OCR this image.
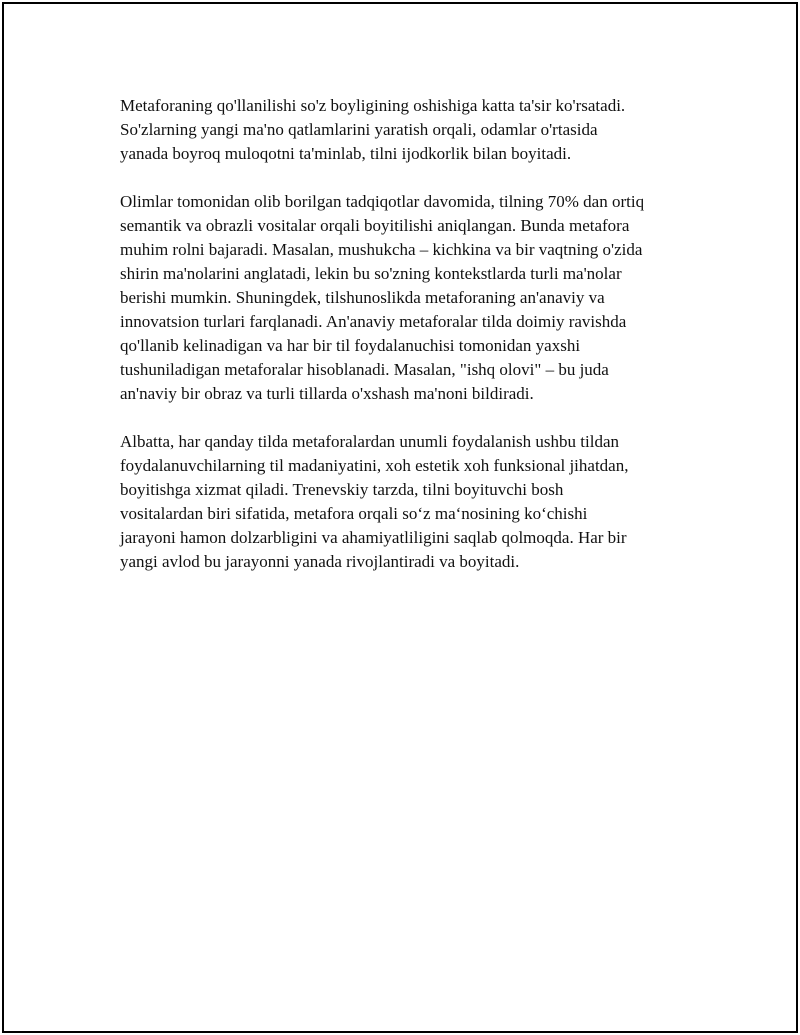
Metaforaning qo'llanilishi so'z boyligining oshishiga katta ta'sir ko'rsatadi.
So'zlarning yangi ma'no qatlamlarini yaratish orqali, odamlar o'rtasida
yanada boyroq muloqotni ta'minlab, tilni ijodkorlik bilan boyitadi.

Olimlar tomonidan olib borilgan tadqiqotlar davomida, tilning 70% dan ortiq
semantik va obrazli vositalar orqali boyitilishi aniqlangan. Bunda metafora
muhim rolni bajaradi. Masalan, mushukcha – kichkina va bir vaqtning o'zida
shirin ma'nolarini anglatadi, lekin bu so'zning kontekstlarda turli ma'nolar
berishi mumkin. Shuningdek, tilshunoslikda metaforaning an'anaviy va
innovatsion turlari farqlanadi. An'anaviy metaforalar tilda doimiy ravishda
qo'llanib kelinadigan va har bir til foydalanuchisi tomonidan yaxshi
tushuniladigan metaforalar hisoblanadi. Masalan, "ishq olovi" – bu juda
an'naviy bir obraz va turli tillarda o'xshash ma'noni bildiradi.

Albatta, har qanday tilda metaforalardan unumli foydalanish ushbu tildan
foydalanuvchilarning til madaniyatini, xoh estetik xoh funksional jihatdan,
boyitishga xizmat qiladi. Trenevskiy tarzda, tilni boyituvchi bosh
vositalardan biri sifatida, metafora orqali so‘z ma‘nosining ko‘chishi
jarayoni hamon dolzarbligini va ahamiyatliligini saqlab qolmoqda. Har bir
yangi avlod bu jarayonni yanada rivojlantiradi va boyitadi.
